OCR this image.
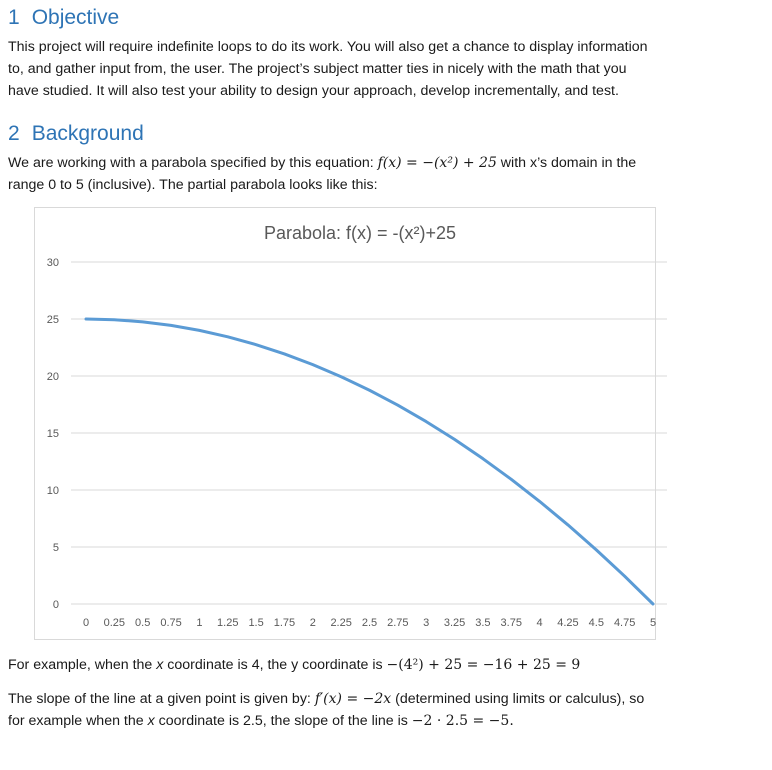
1 Objective
This project will require indefinite loops to do its work. You will also get a chance to display information
to, and gather input from, the user. The project’s subject matter ties in nicely with the math that you
have studied. It will also test your ability to design your approach, develop incrementally, and test.
2 Background
We are working with a parabola specified by this equation: f(x) = −(x²) + 25 with x’s domain in the
range 0 to 5 (inclusive). The partial parabola looks like this:
Parabola: f(x) = -(x²)+25
0
5
10
15
20
25
30
0 0.25 0.5 0.75 1 1.25 1.5 1.75 2 2.25 2.5 2.75 3 3.25 3.5 3.75 4 4.25 4.5 4.75 5
For example, when the x coordinate is 4, the y coordinate is −(4²) + 25 = −16 + 25 = 9
The slope of the line at a given point is given by: f′(x) = −2x (determined using limits or calculus), so
for example when the x coordinate is 2.5, the slope of the line is −2 · 2.5 = −5.
